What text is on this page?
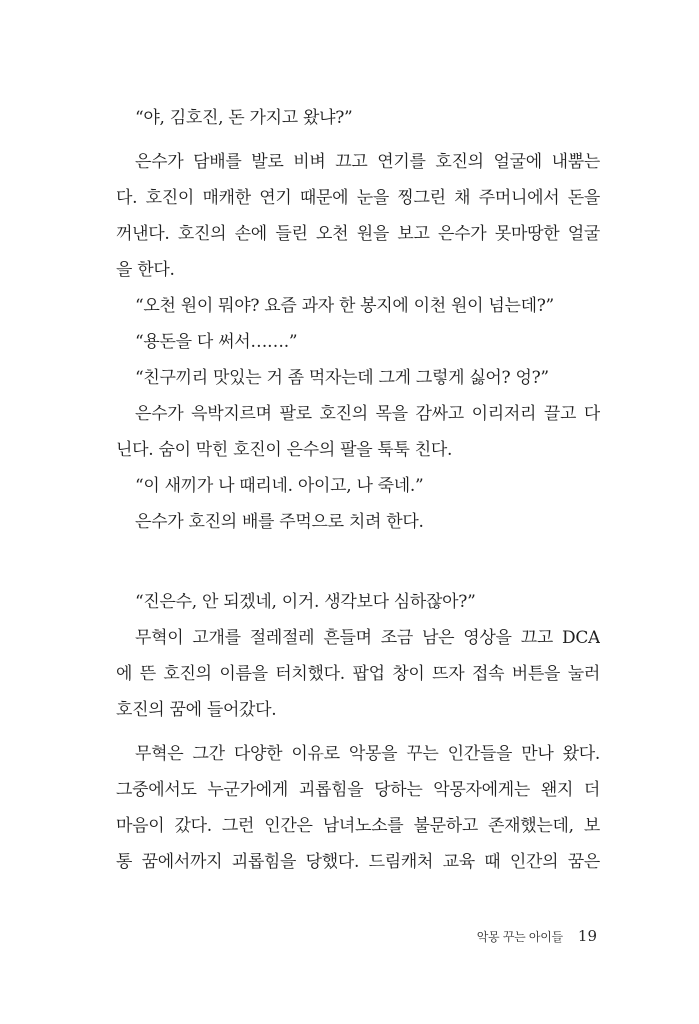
“야, 김호진, 돈 가지고 왔냐?”
은수가 담배를 발로 비벼 끄고 연기를 호진의 얼굴에 내뿜는
다. 호진이 매캐한 연기 때문에 눈을 찡그린 채 주머니에서 돈을
꺼낸다. 호진의 손에 들린 오천 원을 보고 은수가 못마땅한 얼굴
을 한다.
“오천 원이 뭐야? 요즘 과자 한 봉지에 이천 원이 넘는데?”
“용돈을 다 써서…….”
“친구끼리 맛있는 거 좀 먹자는데 그게 그렇게 싫어? 엉?”
은수가 윽박지르며 팔로 호진의 목을 감싸고 이리저리 끌고 다
닌다. 숨이 막힌 호진이 은수의 팔을 툭툭 친다.
“이 새끼가 나 때리네. 아이고, 나 죽네.”
은수가 호진의 배를 주먹으로 치려 한다.
“진은수, 안 되겠네, 이거. 생각보다 심하잖아?”
무혁이 고개를 절레절레 흔들며 조금 남은 영상을 끄고 DCA
에 뜬 호진의 이름을 터치했다. 팝업 창이 뜨자 접속 버튼을 눌러
호진의 꿈에 들어갔다.
무혁은 그간 다양한 이유로 악몽을 꾸는 인간들을 만나 왔다.
그중에서도 누군가에게 괴롭힘을 당하는 악몽자에게는 왠지 더
마음이 갔다. 그런 인간은 남녀노소를 불문하고 존재했는데, 보
통 꿈에서까지 괴롭힘을 당했다. 드림캐처 교육 때 인간의 꿈은
악몽 꾸는 아이들 19
